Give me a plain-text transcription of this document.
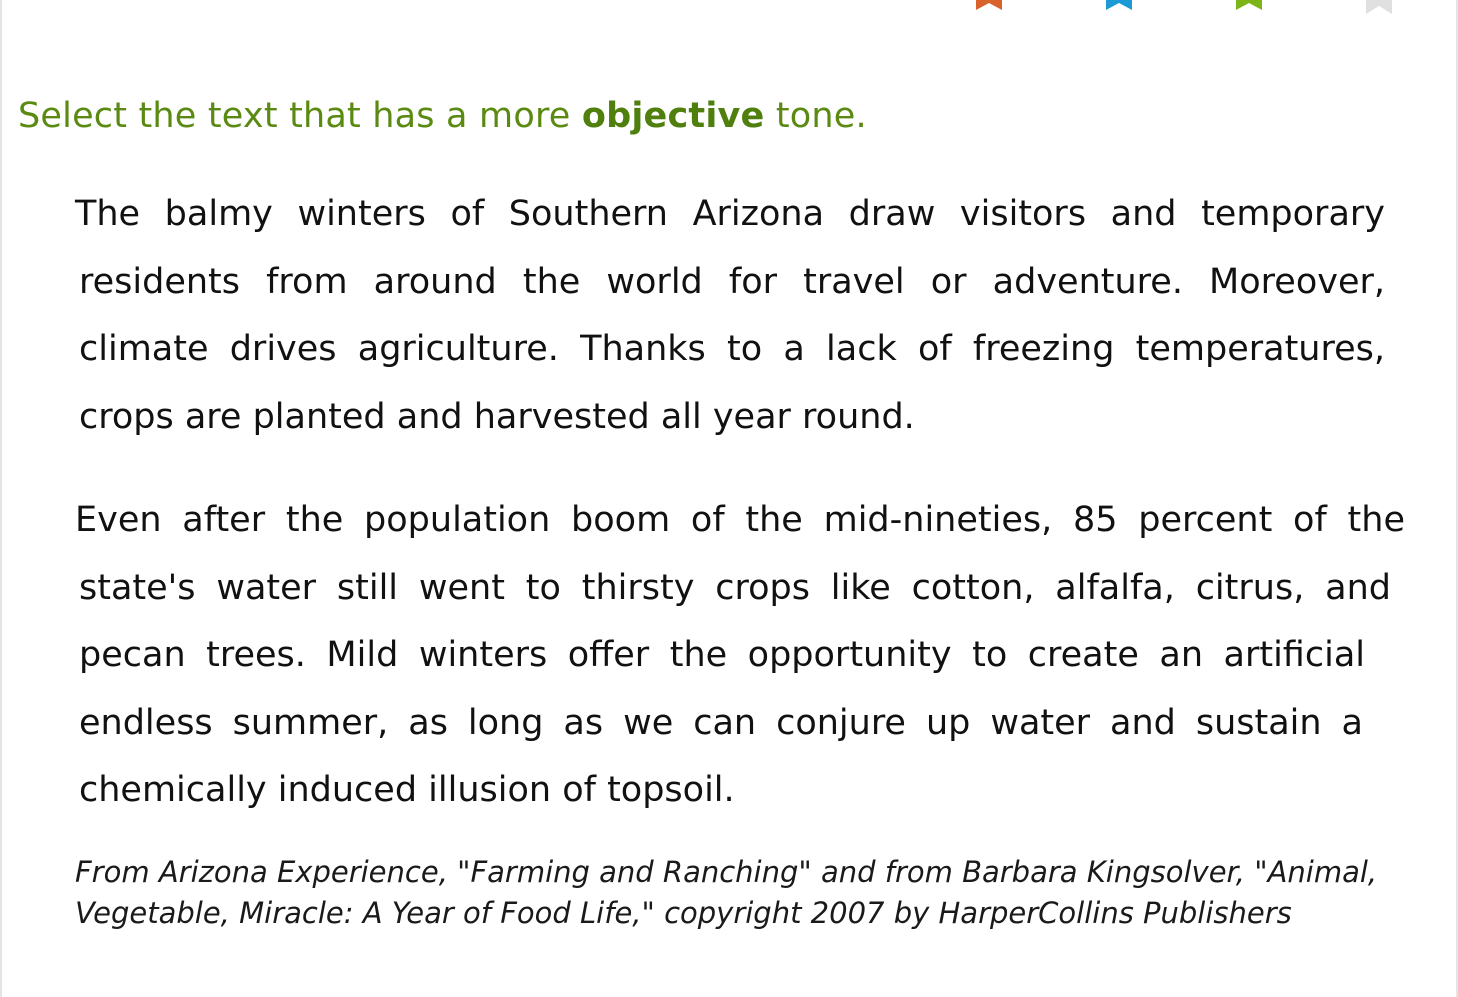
Select the text that has a more objective tone.
The balmy winters of Southern Arizona draw visitors and temporary
residents from around the world for travel or adventure. Moreover,
climate drives agriculture. Thanks to a lack of freezing temperatures,
crops are planted and harvested all year round.
Even after the population boom of the mid-nineties, 85 percent of the
state's water still went to thirsty crops like cotton, alfalfa, citrus, and
pecan trees. Mild winters offer the opportunity to create an artificial
endless summer, as long as we can conjure up water and sustain a
chemically induced illusion of topsoil.
From Arizona Experience, "Farming and Ranching" and from Barbara Kingsolver, "Animal,
Vegetable, Miracle: A Year of Food Life," copyright 2007 by HarperCollins Publishers
